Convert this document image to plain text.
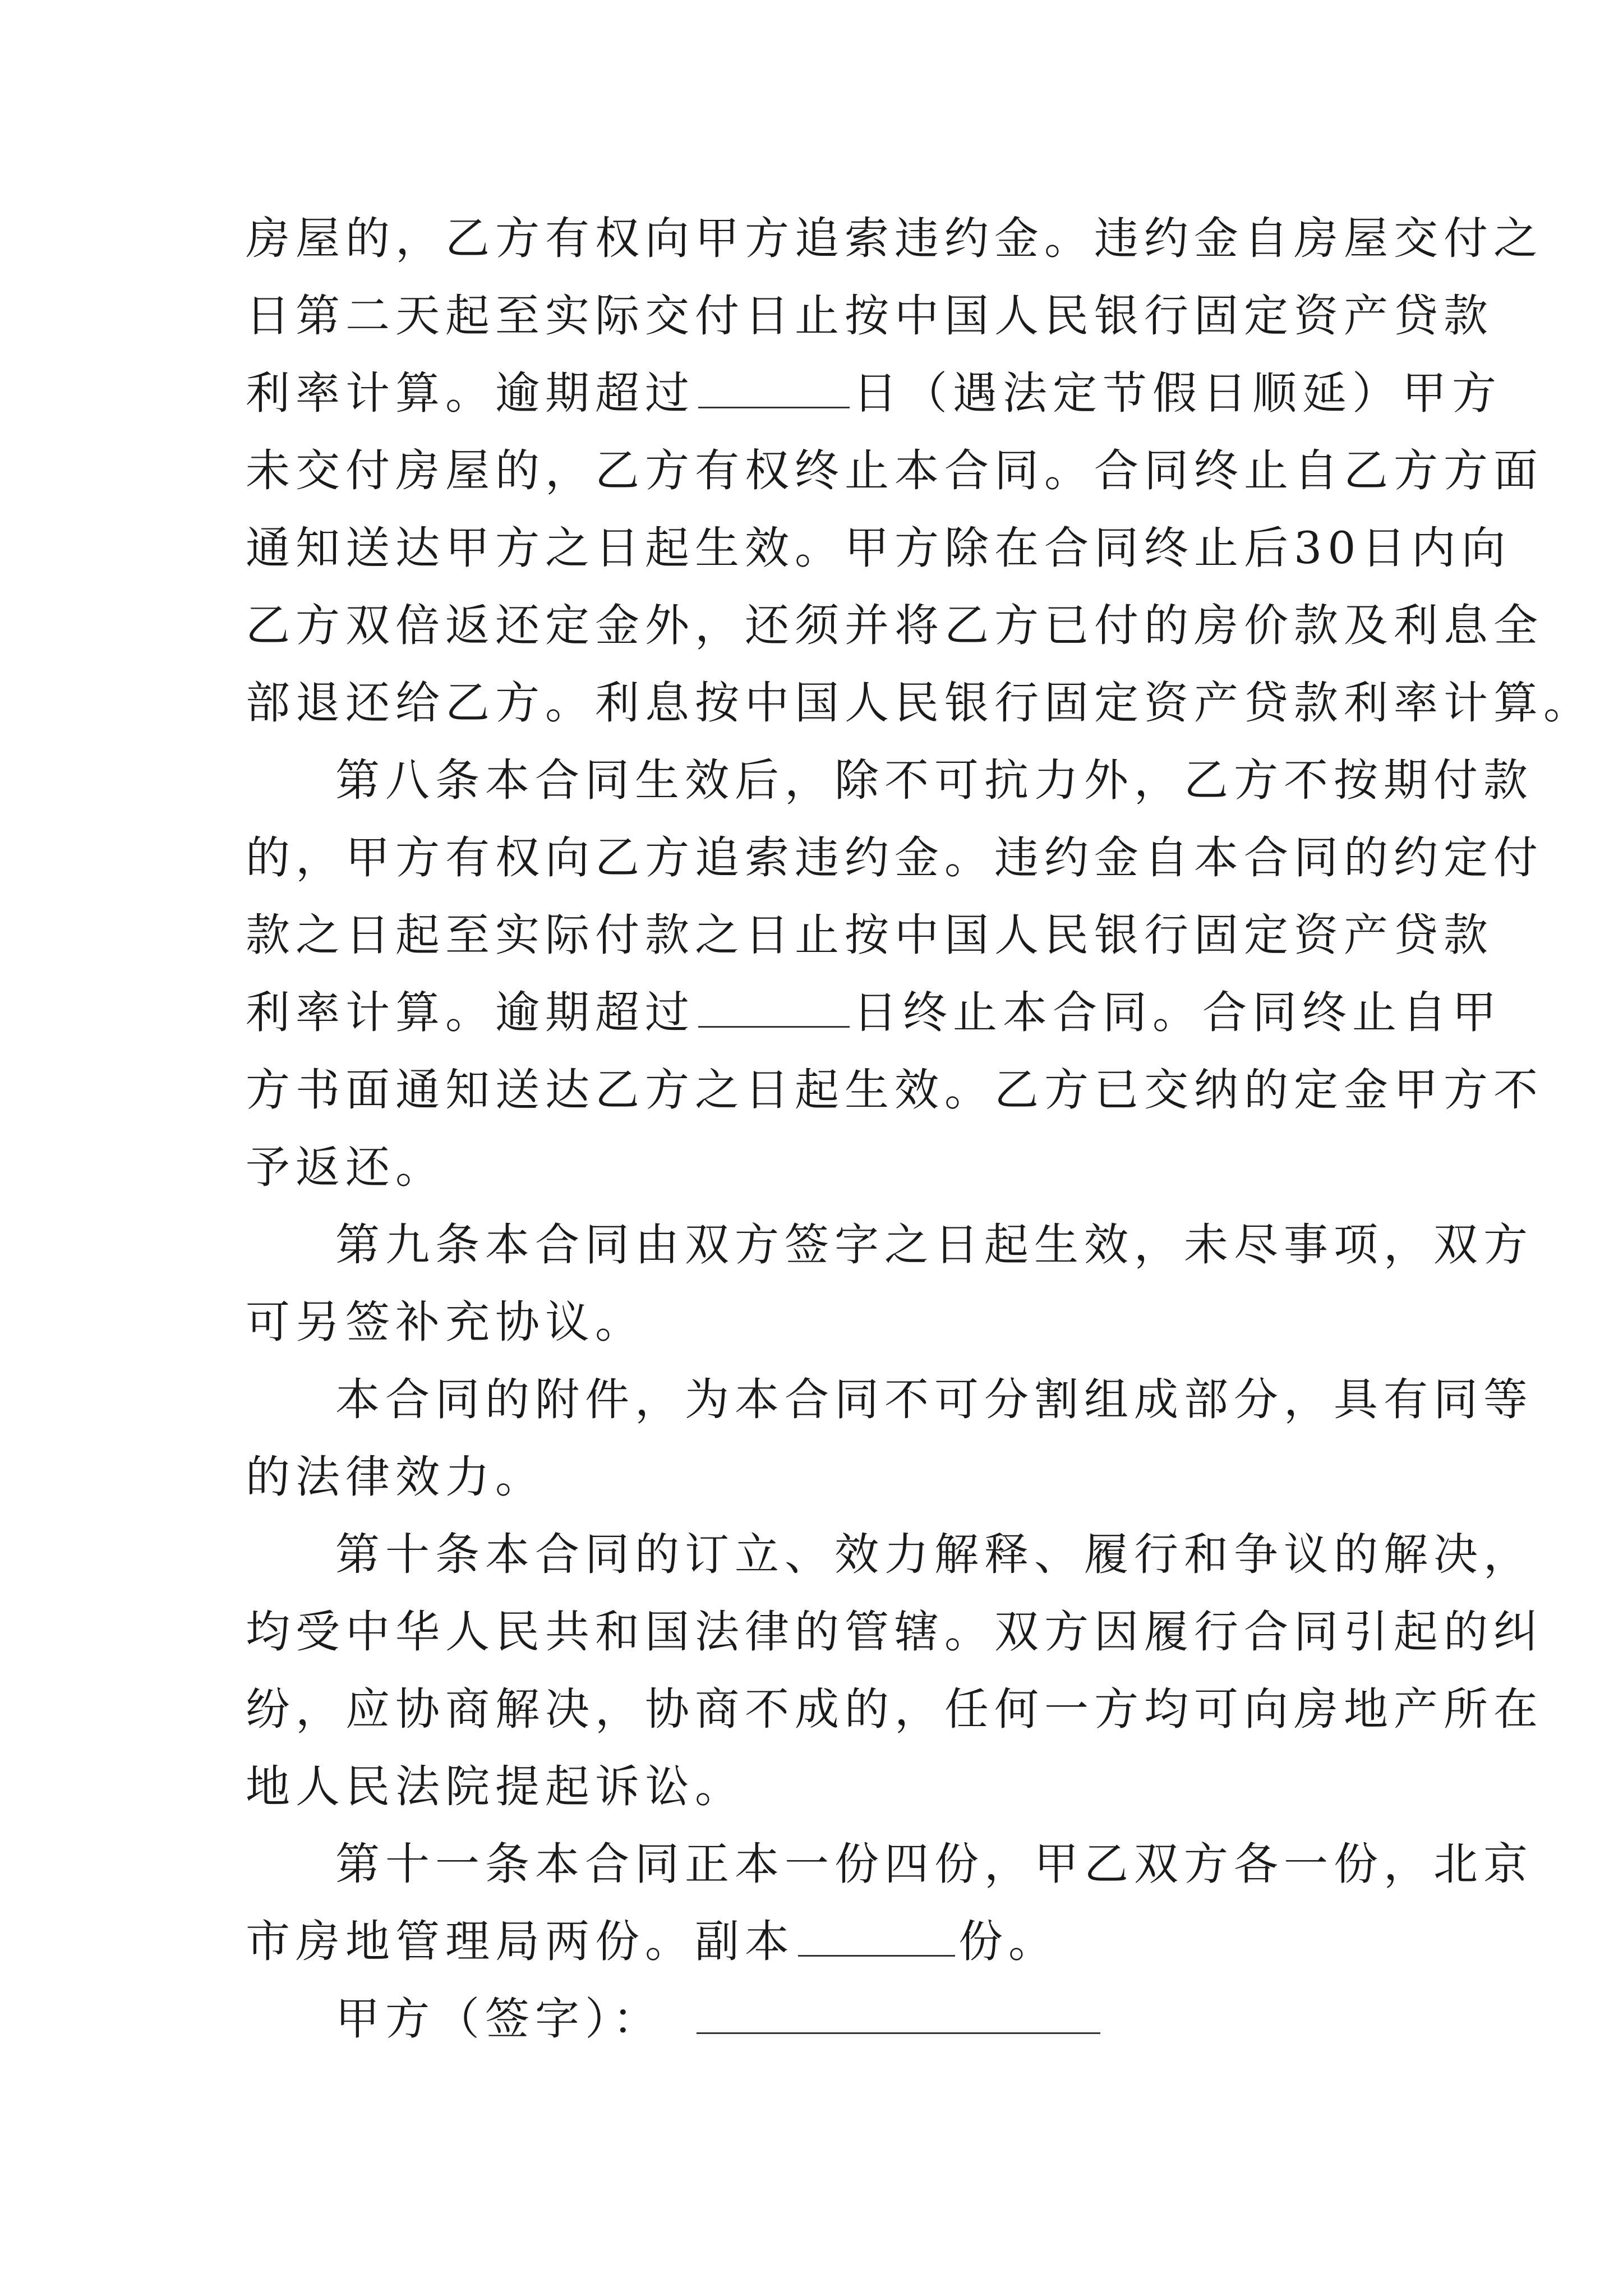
房屋的，乙方有权向甲方追索违约金。违约金自房屋交付之
日第二天起至实际交付日止按中国人民银行固定资产贷款
利率计算。逾期超过	日（遇法定节假日顺延）甲方
未交付房屋的，乙方有权终止本合同。合同终止自乙方方面
通知送达甲方之日起生效。甲方除在合同终止后30日内向
乙方双倍返还定金外，还须并将乙方已付的房价款及利息全
部退还给乙方。利息按中国人民银行固定资产贷款利率计算。
第八条本合同生效后，除不可抗力外，乙方不按期付款
的，甲方有权向乙方追索违约金。违约金自本合同的约定付
款之日起至实际付款之日止按中国人民银行固定资产贷款
利率计算。逾期超过	日终止本合同。合同终止自甲
方书面通知送达乙方之日起生效。乙方已交纳的定金甲方不
予返还。
第九条本合同由双方签字之日起生效，未尽事项，双方
可另签补充协议。
本合同的附件，为本合同不可分割组成部分，具有同等
的法律效力。
第十条本合同的订立、效力解释、履行和争议的解决，
均受中华人民共和国法律的管辖。双方因履行合同引起的纠
纷，应协商解决，协商不成的，任何一方均可向房地产所在
地人民法院提起诉讼。
第十一条本合同正本一份四份，甲乙双方各一份，北京
市房地管理局两份。副本	份。
甲方（签字）：
